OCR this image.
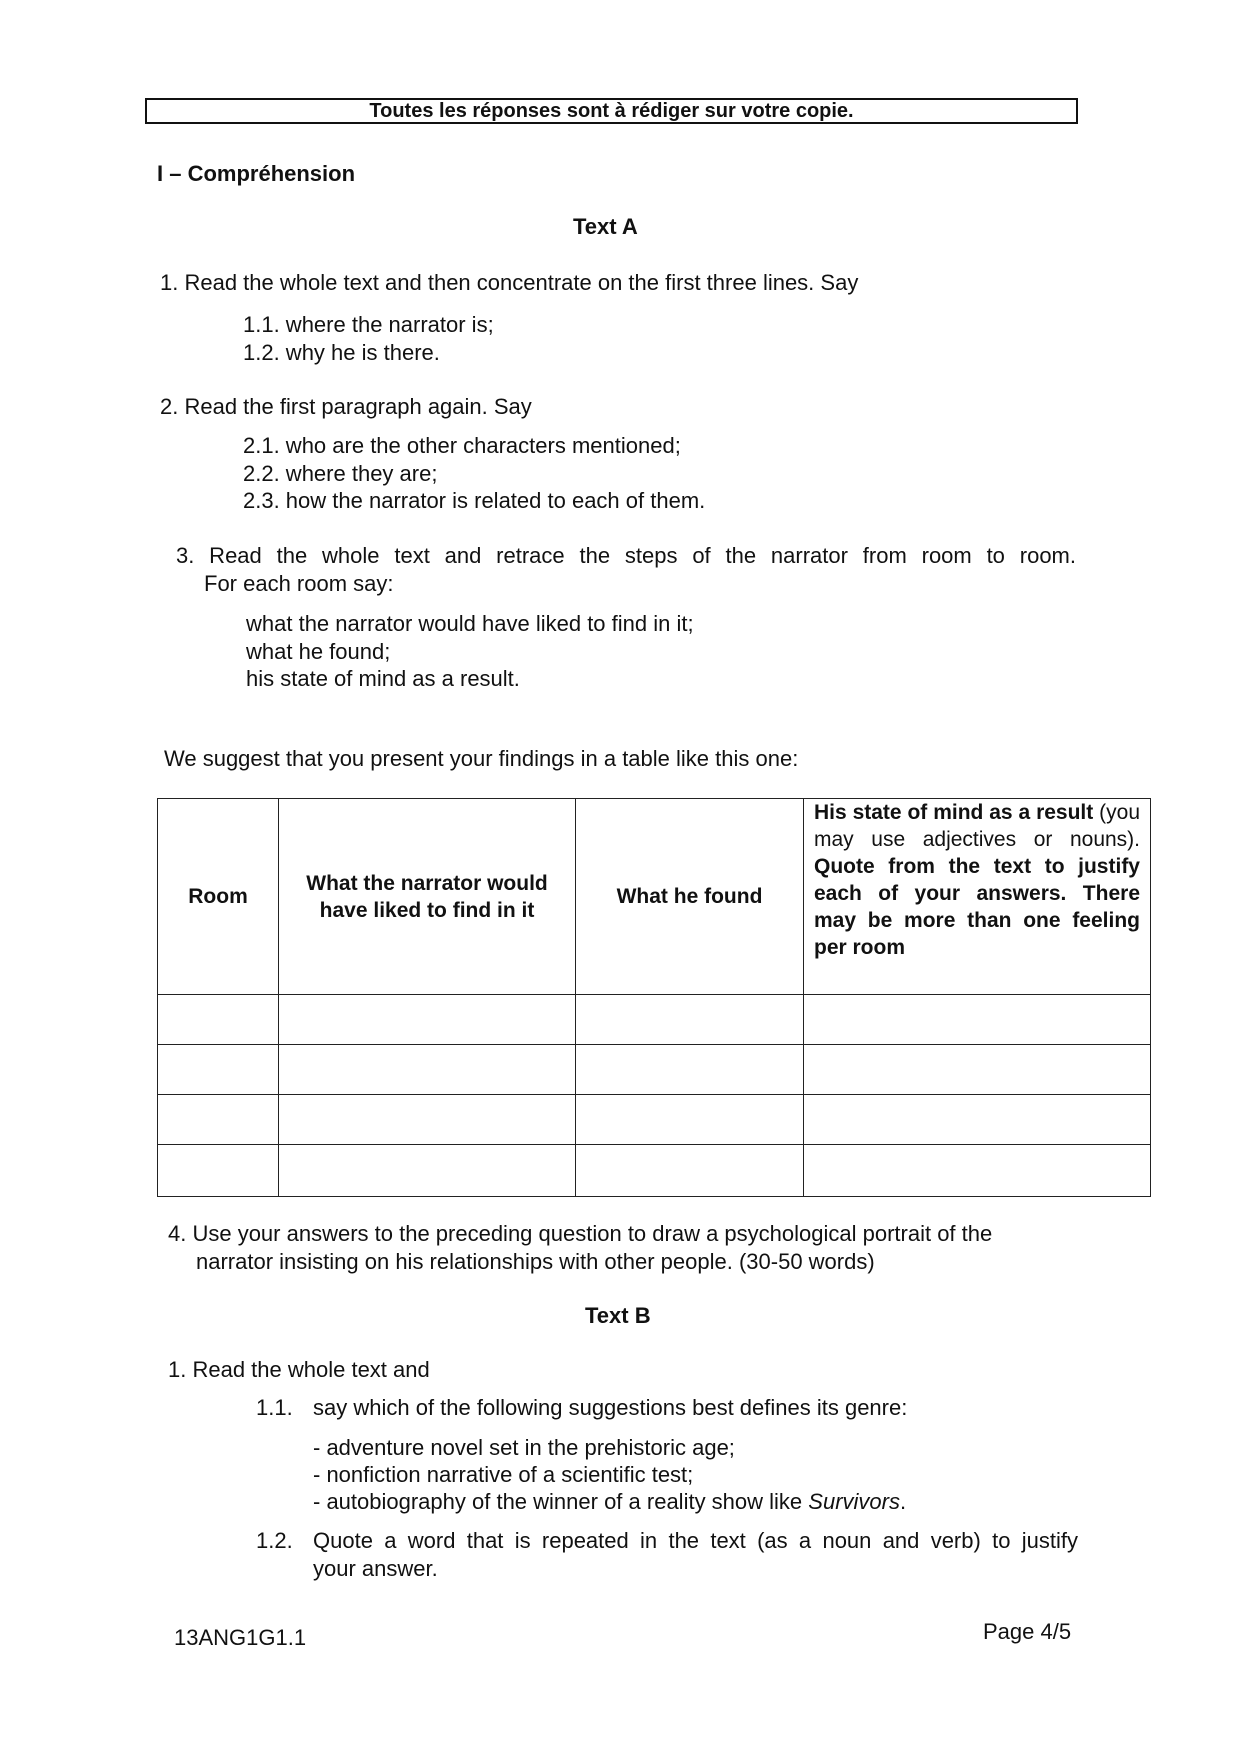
Toutes les réponses sont à rédiger sur votre copie.
I – Compréhension
Text A
1. Read the whole text and then concentrate on the first three lines. Say
1.1. where the narrator is;
1.2. why he is there.
2. Read the first paragraph again. Say
2.1. who are the other characters mentioned;
2.2. where they are;
2.3. how the narrator is related to each of them.
3. Read the whole text and retrace the steps of the narrator from room to room.
For each room say:
what the narrator would have liked to find in it;
what he found;
his state of mind as a result.
We suggest that you present your findings in a table like this one:
Room	What the narrator would have liked to find in it	What he found	His state of mind as a result (you may use adjectives or nouns). Quote from the text to justify each of your answers. There may be more than one feeling per room

4. Use your answers to the preceding question to draw a psychological portrait of the
narrator insisting on his relationships with other people. (30-50 words)
Text B
1. Read the whole text and
1.1. say which of the following suggestions best defines its genre:
- adventure novel set in the prehistoric age;
- nonfiction narrative of a scientific test;
- autobiography of the winner of a reality show like Survivors.
1.2. Quote a word that is repeated in the text (as a noun and verb) to justify
your answer.
13ANG1G1.1	Page 4/5
